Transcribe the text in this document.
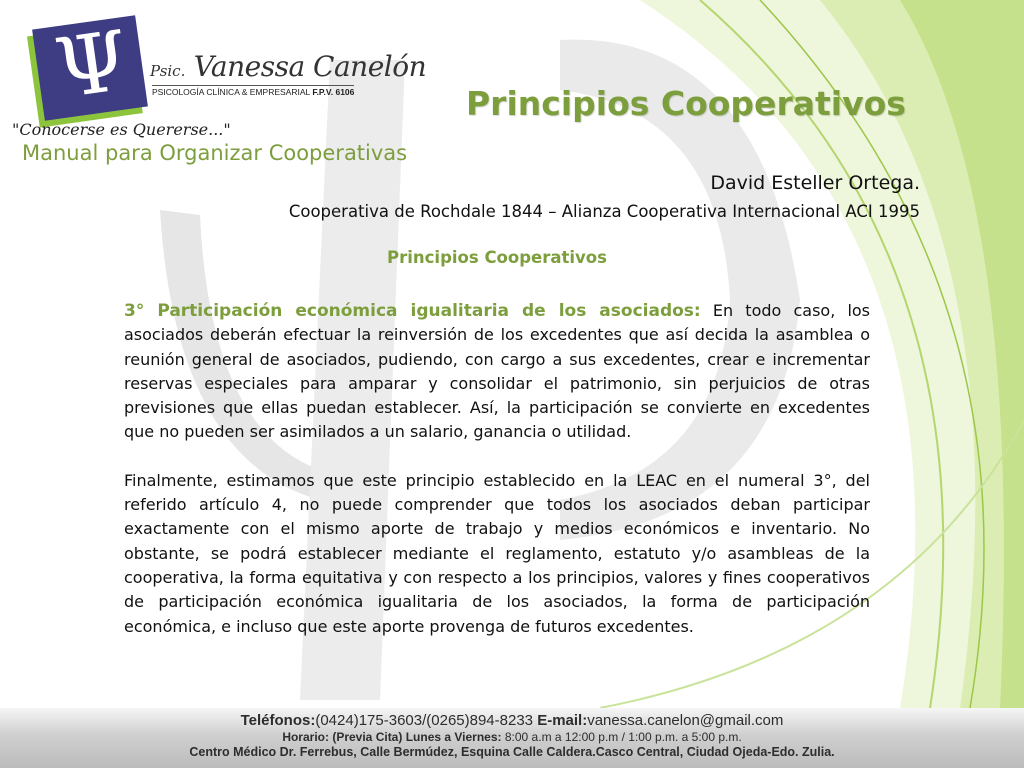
Ψ Psic. Vanessa Canelón
PSICOLOGÍA CLÍNICA & EMPRESARIAL F.P.V. 6106
"Conocerse es Quererse..."
Principios Cooperativos
Manual para Organizar Cooperativas
David Esteller Ortega.
Cooperativa de Rochdale 1844 – Alianza Cooperativa Internacional ACI 1995
Principios Cooperativos

3° Participación económica igualitaria de los asociados: En todo caso, los asociados deberán efectuar la reinversión de los excedentes que así decida la asamblea o reunión general de asociados, pudiendo, con cargo a sus excedentes, crear e incrementar reservas especiales para amparar y consolidar el patrimonio, sin perjuicios de otras previsiones que ellas puedan establecer. Así, la participación se convierte en excedentes que no pueden ser asimilados a un salario, ganancia o utilidad.

Finalmente, estimamos que este principio establecido en la LEAC en el numeral 3°, del referido artículo 4, no puede comprender que todos los asociados deban participar exactamente con el mismo aporte de trabajo y medios económicos e inventario. No obstante, se podrá establecer mediante el reglamento, estatuto y/o asambleas de la cooperativa, la forma equitativa y con respecto a los principios, valores y fines cooperativos de participación económica igualitaria de los asociados, la forma de participación económica, e incluso que este aporte provenga de futuros excedentes.

Teléfonos:(0424)175-3603/(0265)894-8233 E-mail:vanessa.canelon@gmail.com
Horario: (Previa Cita) Lunes a Viernes: 8:00 a.m a 12:00 p.m / 1:00 p.m. a 5:00 p.m.
Centro Médico Dr. Ferrebus, Calle Bermúdez, Esquina Calle Caldera.Casco Central, Ciudad Ojeda-Edo. Zulia.
